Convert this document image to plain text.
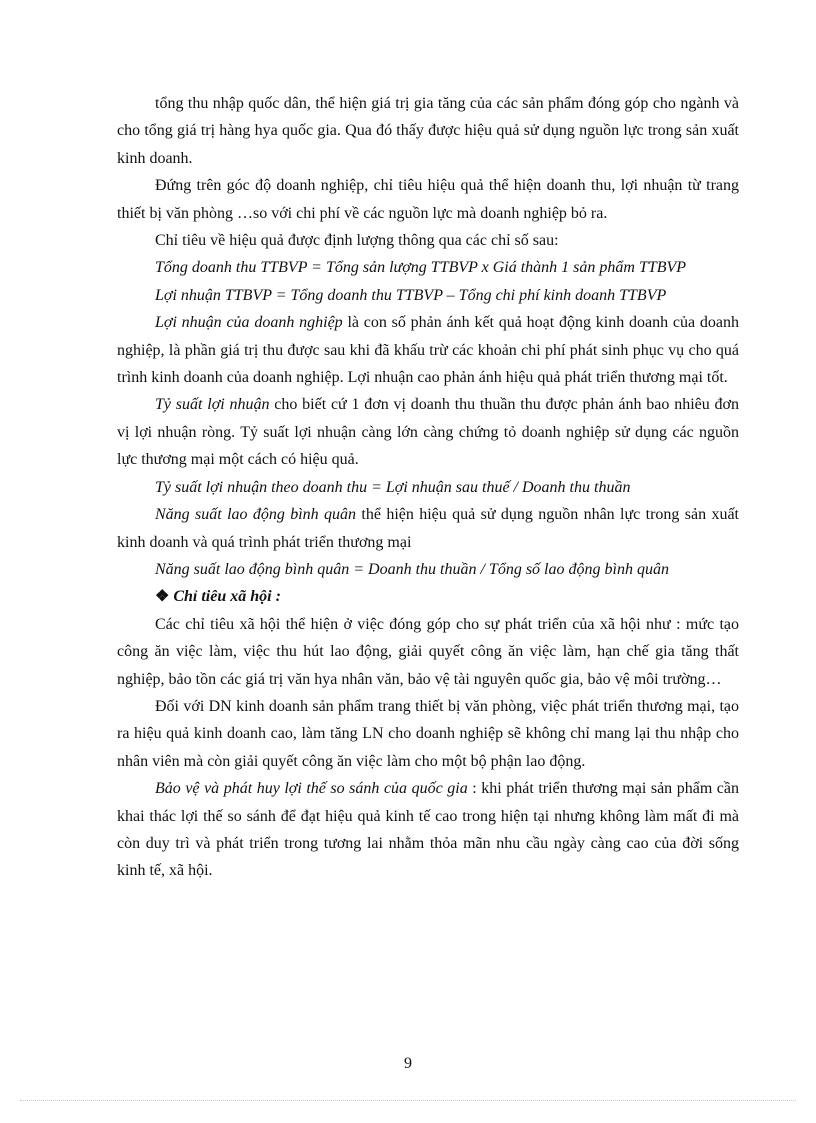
tổng thu nhập quốc dân, thể hiện giá trị gia tăng của các sản phẩm đóng góp cho ngành và cho tổng giá trị hàng hya quốc gia. Qua đó thấy được hiệu quả sử dụng nguồn lực trong sản xuất kinh doanh.

Đứng trên góc độ doanh nghiệp, chỉ tiêu hiệu quả thể hiện doanh thu, lợi nhuận từ trang thiết bị văn phòng …so với chi phí về các nguồn lực mà doanh nghiệp bỏ ra.

Chỉ tiêu về hiệu quả được định lượng thông qua các chỉ số sau:

Tổng doanh thu TTBVP = Tổng sản lượng TTBVP x Giá thành 1 sản phẩm TTBVP

Lợi nhuận TTBVP = Tổng doanh thu TTBVP – Tổng chi phí kinh doanh TTBVP

Lợi nhuận của doanh nghiệp là con số phản ánh kết quả hoạt động kinh doanh của doanh nghiệp, là phần giá trị thu được sau khi đã khấu trừ các khoản chi phí phát sinh phục vụ cho quá trình kinh doanh của doanh nghiệp. Lợi nhuận cao phản ánh hiệu quả phát triển thương mại tốt.

Tỷ suất lợi nhuận cho biết cứ 1 đơn vị doanh thu thuần thu được phản ánh bao nhiêu đơn vị lợi nhuận ròng. Tỷ suất lợi nhuận càng lớn càng chứng tỏ doanh nghiệp sử dụng các nguồn lực thương mại một cách có hiệu quả.

Tỷ suất lợi nhuận theo doanh thu = Lợi nhuận sau thuế / Doanh thu thuần

Năng suất lao động bình quân thể hiện hiệu quả sử dụng nguồn nhân lực trong sản xuất kinh doanh và quá trình phát triển thương mại

Năng suất lao động bình quân = Doanh thu thuần / Tổng số lao động bình quân

❖ Chỉ tiêu xã hội :

Các chỉ tiêu xã hội thể hiện ở việc đóng góp cho sự phát triển của xã hội như : mức tạo công ăn việc làm, việc thu hút lao động, giải quyết công ăn việc làm, hạn chế gia tăng thất nghiệp, bảo tồn các giá trị văn hya nhân văn, bảo vệ tài nguyên quốc gia, bảo vệ môi trường…

Đối với DN kinh doanh sản phẩm trang thiết bị văn phòng, việc phát triển thương mại, tạo ra hiệu quả kinh doanh cao, làm tăng LN cho doanh nghiệp sẽ không chỉ mang lại thu nhập cho nhân viên mà còn giải quyết công ăn việc làm cho một bộ phận lao động.

Bảo vệ và phát huy lợi thế so sánh của quốc gia : khi phát triển thương mại sản phẩm cần khai thác lợi thế so sánh để đạt hiệu quả kinh tế cao trong hiện tại nhưng không làm mất đi mà còn duy trì và phát triển trong tương lai nhằm thỏa mãn nhu cầu ngày càng cao của đời sống kinh tế, xã hội.

9
